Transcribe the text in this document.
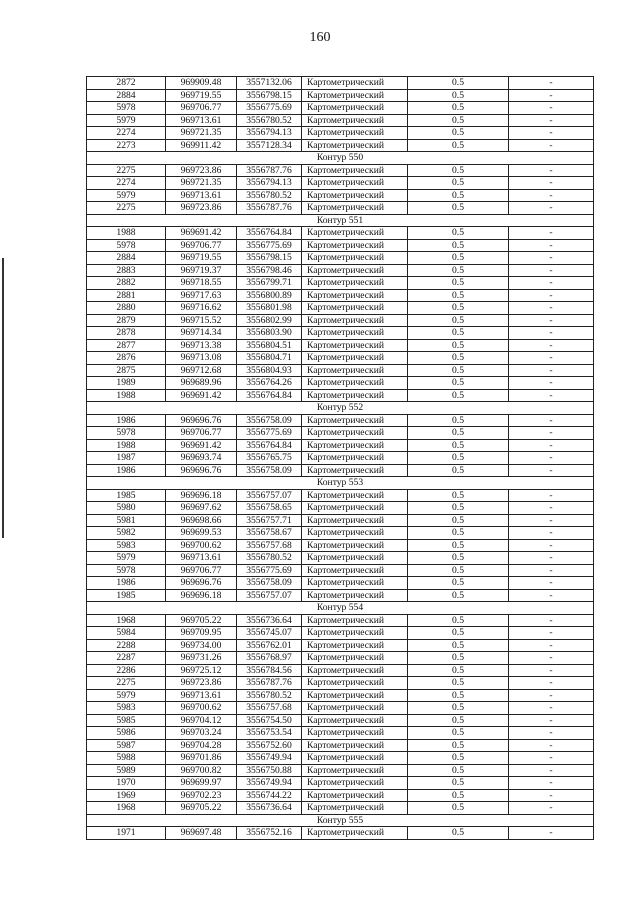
160
2872	969909.48	3557132.06	Картометрический	0.5	-
2884	969719.55	3556798.15	Картометрический	0.5	-
5978	969706.77	3556775.69	Картометрический	0.5	-
5979	969713.61	3556780.52	Картометрический	0.5	-
2274	969721.35	3556794.13	Картометрический	0.5	-
2273	969911.42	3557128.34	Картометрический	0.5	-
Контур 550					
2275	969723.86	3556787.76	Картометрический	0.5	-
2274	969721.35	3556794.13	Картометрический	0.5	-
5979	969713.61	3556780.52	Картометрический	0.5	-
2275	969723.86	3556787.76	Картометрический	0.5	-
Контур 551					
1988	969691.42	3556764.84	Картометрический	0.5	-
5978	969706.77	3556775.69	Картометрический	0.5	-
2884	969719.55	3556798.15	Картометрический	0.5	-
2883	969719.37	3556798.46	Картометрический	0.5	-
2882	969718.55	3556799.71	Картометрический	0.5	-
2881	969717.63	3556800.89	Картометрический	0.5	-
2880	969716.62	3556801.98	Картометрический	0.5	-
2879	969715.52	3556802.99	Картометрический	0.5	-
2878	969714.34	3556803.90	Картометрический	0.5	-
2877	969713.38	3556804.51	Картометрический	0.5	-
2876	969713.08	3556804.71	Картометрический	0.5	-
2875	969712.68	3556804.93	Картометрический	0.5	-
1989	969689.96	3556764.26	Картометрический	0.5	-
1988	969691.42	3556764.84	Картометрический	0.5	-
Контур 552					
1986	969696.76	3556758.09	Картометрический	0.5	-
5978	969706.77	3556775.69	Картометрический	0.5	-
1988	969691.42	3556764.84	Картометрический	0.5	-
1987	969693.74	3556765.75	Картометрический	0.5	-
1986	969696.76	3556758.09	Картометрический	0.5	-
Контур 553					
1985	969696.18	3556757.07	Картометрический	0.5	-
5980	969697.62	3556758.65	Картометрический	0.5	-
5981	969698.66	3556757.71	Картометрический	0.5	-
5982	969699.53	3556758.67	Картометрический	0.5	-
5983	969700.62	3556757.68	Картометрический	0.5	-
5979	969713.61	3556780.52	Картометрический	0.5	-
5978	969706.77	3556775.69	Картометрический	0.5	-
1986	969696.76	3556758.09	Картометрический	0.5	-
1985	969696.18	3556757.07	Картометрический	0.5	-
Контур 554					
1968	969705.22	3556736.64	Картометрический	0.5	-
5984	969709.95	3556745.07	Картометрический	0.5	-
2288	969734.00	3556762.01	Картометрический	0.5	-
2287	969731.26	3556768.97	Картометрический	0.5	-
2286	969725.12	3556784.56	Картометрический	0.5	-
2275	969723.86	3556787.76	Картометрический	0.5	-
5979	969713.61	3556780.52	Картометрический	0.5	-
5983	969700.62	3556757.68	Картометрический	0.5	-
5985	969704.12	3556754.50	Картометрический	0.5	-
5986	969703.24	3556753.54	Картометрический	0.5	-
5987	969704.28	3556752.60	Картометрический	0.5	-
5988	969701.86	3556749.94	Картометрический	0.5	-
5989	969700.82	3556750.88	Картометрический	0.5	-
1970	969699.97	3556749.94	Картометрический	0.5	-
1969	969702.23	3556744.22	Картометрический	0.5	-
1968	969705.22	3556736.64	Картометрический	0.5	-
Контур 555					
1971	969697.48	3556752.16	Картометрический	0.5	-
